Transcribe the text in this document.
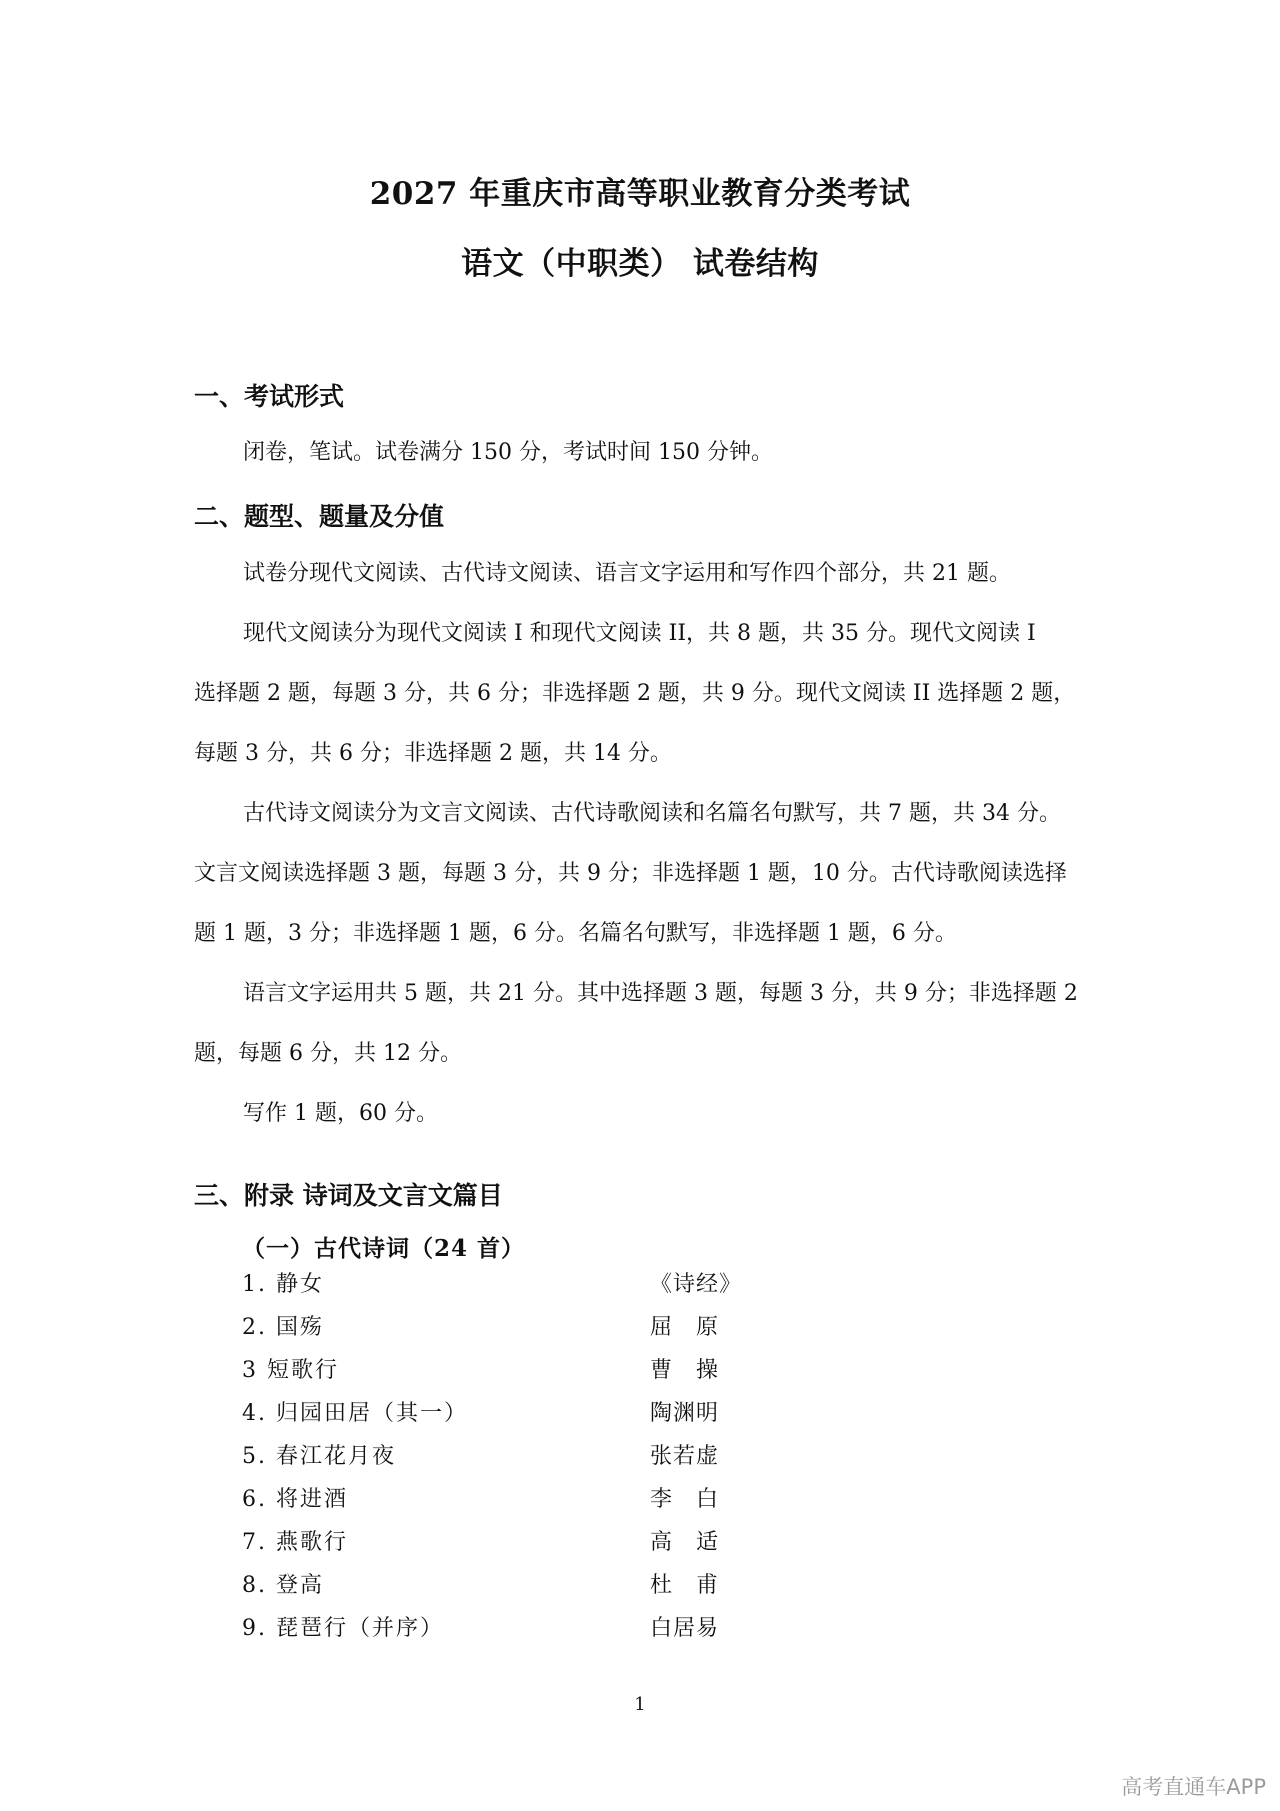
2027 年重庆市高等职业教育分类考试
语文（中职类） 试卷结构
一、考试形式
闭卷，笔试。试卷满分 150 分，考试时间 150 分钟。
二、题型、题量及分值
试卷分现代文阅读、古代诗文阅读、语言文字运用和写作四个部分，共 21 题。
现代文阅读分为现代文阅读 I 和现代文阅读 II，共 8 题，共 35 分。现代文阅读 I
选择题 2 题，每题 3 分，共 6 分；非选择题 2 题，共 9 分。现代文阅读 II 选择题 2 题，
每题 3 分，共 6 分；非选择题 2 题，共 14 分。
古代诗文阅读分为文言文阅读、古代诗歌阅读和名篇名句默写，共 7 题，共 34 分。
文言文阅读选择题 3 题，每题 3 分，共 9 分；非选择题 1 题，10 分。古代诗歌阅读选择
题 1 题，3 分；非选择题 1 题，6 分。名篇名句默写，非选择题 1 题，6 分。
语言文字运用共 5 题，共 21 分。其中选择题 3 题，每题 3 分，共 9 分；非选择题 2
题，每题 6 分，共 12 分。
写作 1 题，60 分。
三、附录 诗词及文言文篇目
（一）古代诗词（24 首）
1. 静女	《诗经》
2. 国殇	屈　原
3 短歌行	曹　操
4. 归园田居（其一）	陶渊明
5. 春江花月夜	张若虚
6. 将进酒	李　白
7. 燕歌行	高　适
8. 登高	杜　甫
9. 琵琶行（并序）	白居易
1
高考直通车APP
